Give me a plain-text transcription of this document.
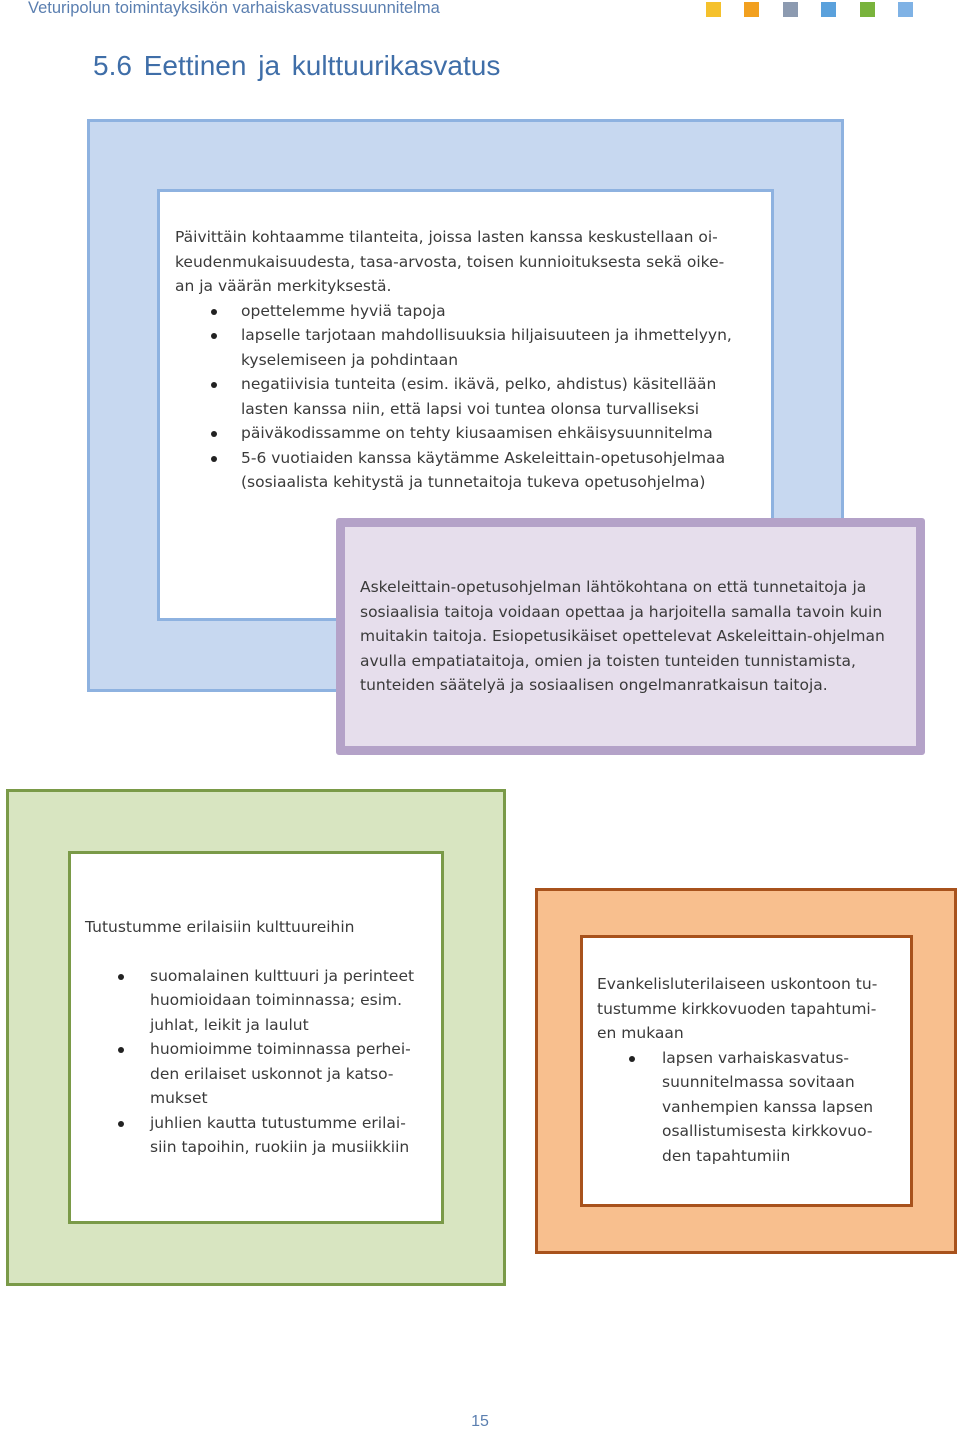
Veturipolun toimintayksikön varhaiskasvatussuunnitelma
5.6 Eettinen ja kulttuurikasvatus

Päivittäin kohtaamme tilanteita, joissa lasten kanssa keskustellaan oi-

keudenmukaisuudesta, tasa-arvosta, toisen kunnioituksesta sekä oike-

an ja väärän merkityksestä.

opettelemme hyviä tapoja

lapselle tarjotaan mahdollisuuksia hiljaisuuteen ja ihmettelyyn,

kyselemiseen ja pohdintaan

negatiivisia tunteita (esim. ikävä, pelko, ahdistus) käsitellään

lasten kanssa niin, että lapsi voi tuntea olonsa turvalliseksi

päiväkodissamme on tehty kiusaamisen ehkäisysuunnitelma

5-6 vuotiaiden kanssa käytämme Askeleittain-opetusohjelmaa

(sosiaalista kehitystä ja tunnetaitoja tukeva opetusohjelma)

Askeleittain-opetusohjelman lähtökohtana on että tunnetaitoja ja

sosiaalisia taitoja voidaan opettaa ja harjoitella samalla tavoin kuin

muitakin taitoja. Esiopetusikäiset opettelevat Askeleittain-ohjelman

avulla empatiataitoja, omien ja toisten tunteiden tunnistamista,

tunteiden säätelyä ja sosiaalisen ongelmanratkaisun taitoja.

Tutustumme erilaisiin kulttuureihin

suomalainen kulttuuri ja perinteet

huomioidaan toiminnassa; esim.

juhlat, leikit ja laulut

huomioimme toiminnassa perhei-

den erilaiset uskonnot ja katso-

mukset

juhlien kautta tutustumme erilai-

siin tapoihin, ruokiin ja musiikkiin

Evankelisluterilaiseen uskontoon tu-

tustumme kirkkovuoden tapahtumi-

en mukaan

lapsen varhaiskasvatus-

suunnitelmassa sovitaan

vanhempien kanssa lapsen

osallistumisesta kirkkovuo-

den tapahtumiin

15
